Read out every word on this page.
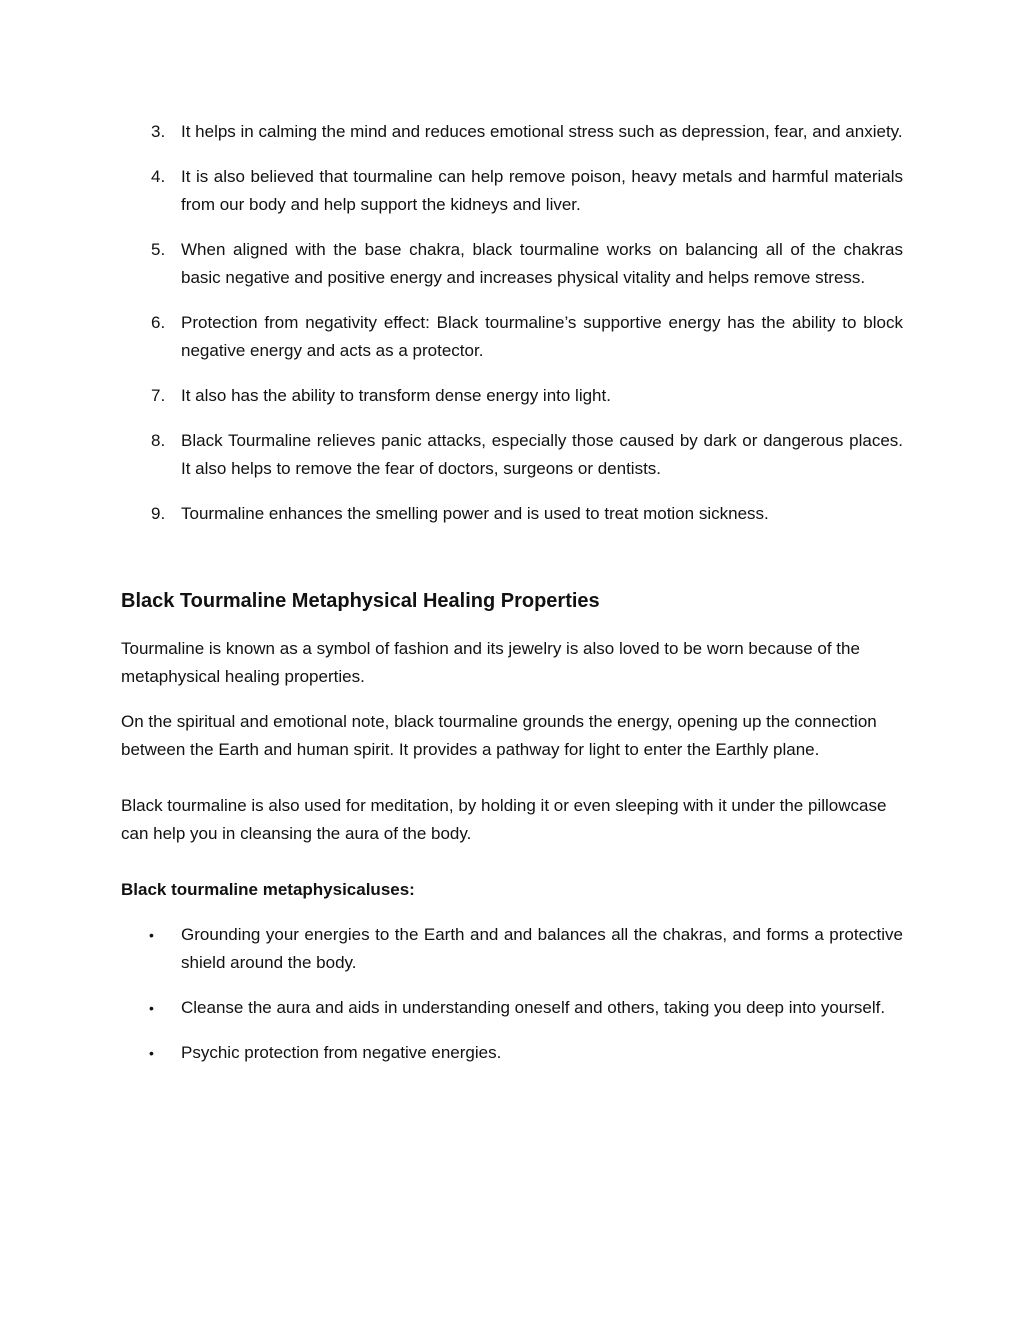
3. It helps in calming the mind and reduces emotional stress such as depression, fear, and anxiety.
4. It is also believed that tourmaline can help remove poison, heavy metals and harmful materials from our body and help support the kidneys and liver.
5. When aligned with the base chakra, black tourmaline works on balancing all of the chakras basic negative and positive energy and increases physical vitality and helps remove stress.
6. Protection from negativity effect: Black tourmaline’s supportive energy has the ability to block negative energy and acts as a protector.
7. It also has the ability to transform dense energy into light.
8. Black Tourmaline relieves panic attacks, especially those caused by dark or dangerous places. It also helps to remove the fear of doctors, surgeons or dentists.
9. Tourmaline enhances the smelling power and is used to treat motion sickness.
Black Tourmaline Metaphysical Healing Properties

Tourmaline is known as a symbol of fashion and its jewelry is also loved to be worn because of the metaphysical healing properties.

On the spiritual and emotional note, black tourmaline grounds the energy, opening up the connection between the Earth and human spirit. It provides a pathway for light to enter the Earthly plane.

Black tourmaline is also used for meditation, by holding it or even sleeping with it under the pillowcase can help you in cleansing the aura of the body.

Black tourmaline metaphysicaluses:

•	Grounding your energies to the Earth and and balances all the chakras, and forms a protective shield around the body.
•	Cleanse the aura and aids in understanding oneself and others, taking you deep into yourself.
•	Psychic protection from negative energies.
